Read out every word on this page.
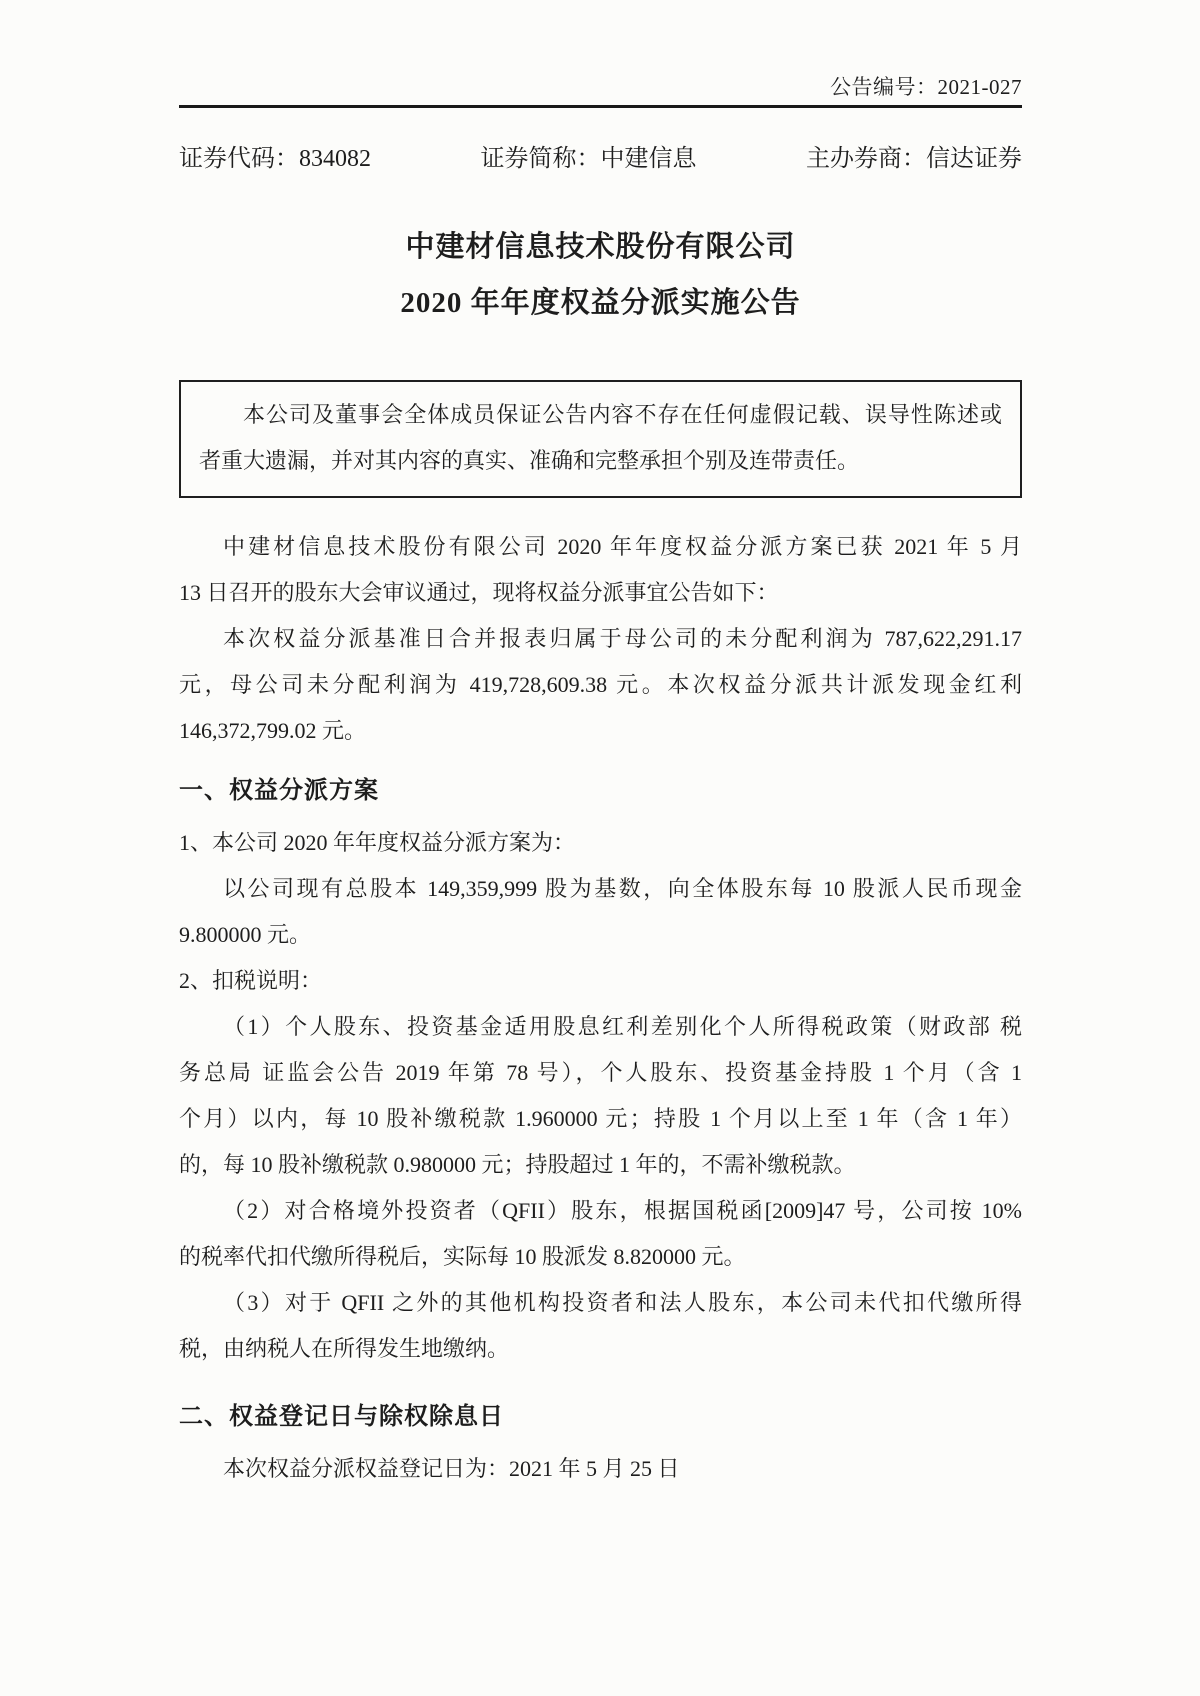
公告编号：2021-027
证券代码：834082	证券简称：中建信息	主办券商：信达证券
中建材信息技术股份有限公司
2020 年年度权益分派实施公告
本公司及董事会全体成员保证公告内容不存在任何虚假记载、误导性陈述或
者重大遗漏，并对其内容的真实、准确和完整承担个别及连带责任。
中建材信息技术股份有限公司 2020 年年度权益分派方案已获 2021 年 5 月
13 日召开的股东大会审议通过，现将权益分派事宜公告如下：
本次权益分派基准日合并报表归属于母公司的未分配利润为 787,622,291.17
元，母公司未分配利润为 419,728,609.38 元。本次权益分派共计派发现金红利
146,372,799.02 元。
一、权益分派方案
1、本公司 2020 年年度权益分派方案为：
以公司现有总股本 149,359,999 股为基数，向全体股东每 10 股派人民币现金
9.800000 元。
2、扣税说明：
（1）个人股东、投资基金适用股息红利差别化个人所得税政策（财政部 税
务总局 证监会公告 2019 年第 78 号），个人股东、投资基金持股 1 个月（含 1
个月）以内，每 10 股补缴税款 1.960000 元；持股 1 个月以上至 1 年（含 1 年）
的，每 10 股补缴税款 0.980000 元；持股超过 1 年的，不需补缴税款。
（2）对合格境外投资者（QFII）股东，根据国税函[2009]47 号，公司按 10%
的税率代扣代缴所得税后，实际每 10 股派发 8.820000 元。
（3）对于 QFII 之外的其他机构投资者和法人股东，本公司未代扣代缴所得
税，由纳税人在所得发生地缴纳。
二、权益登记日与除权除息日
本次权益分派权益登记日为：2021 年 5 月 25 日
